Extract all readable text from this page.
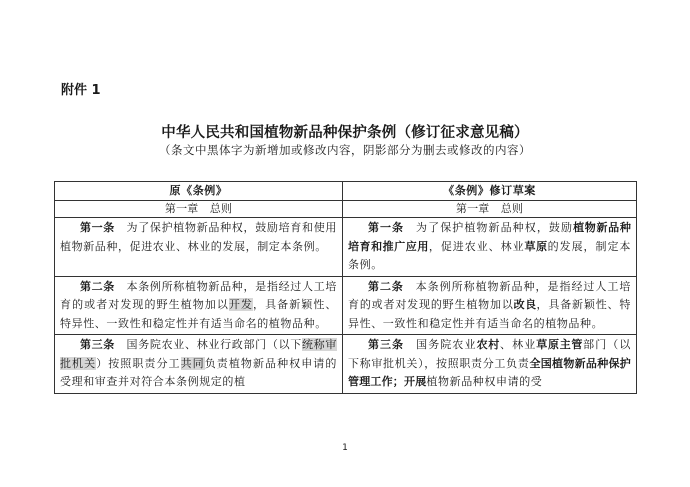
附件 1
中华人民共和国植物新品种保护条例（修订征求意见稿）
（条文中黑体字为新增加或修改内容，阴影部分为删去或修改的内容）
原《条例》	《条例》修订草案
第一章　总则	第一章　总则
第一条　为了保护植物新品种权，鼓励培育和使用植物新品种，促进农业、林业的发展，制定本条例。	第一条　为了保护植物新品种权，鼓励植物新品种培育和推广应用，促进农业、林业草原的发展，制定本条例。
第二条　本条例所称植物新品种，是指经过人工培育的或者对发现的野生植物加以开发，具备新颖性、特异性、一致性和稳定性并有适当命名的植物品种。	第二条　本条例所称植物新品种，是指经过人工培育的或者对发现的野生植物加以改良，具备新颖性、特异性、一致性和稳定性并有适当命名的植物品种。
第三条　国务院农业、林业行政部门（以下统称审批机关）按照职责分工共同负责植物新品种权申请的受理和审查并对符合本条例规定的植	第三条　国务院农业农村、林业草原主管部门（以下称审批机关），按照职责分工负责全国植物新品种保护管理工作；开展植物新品种权申请的受
1
